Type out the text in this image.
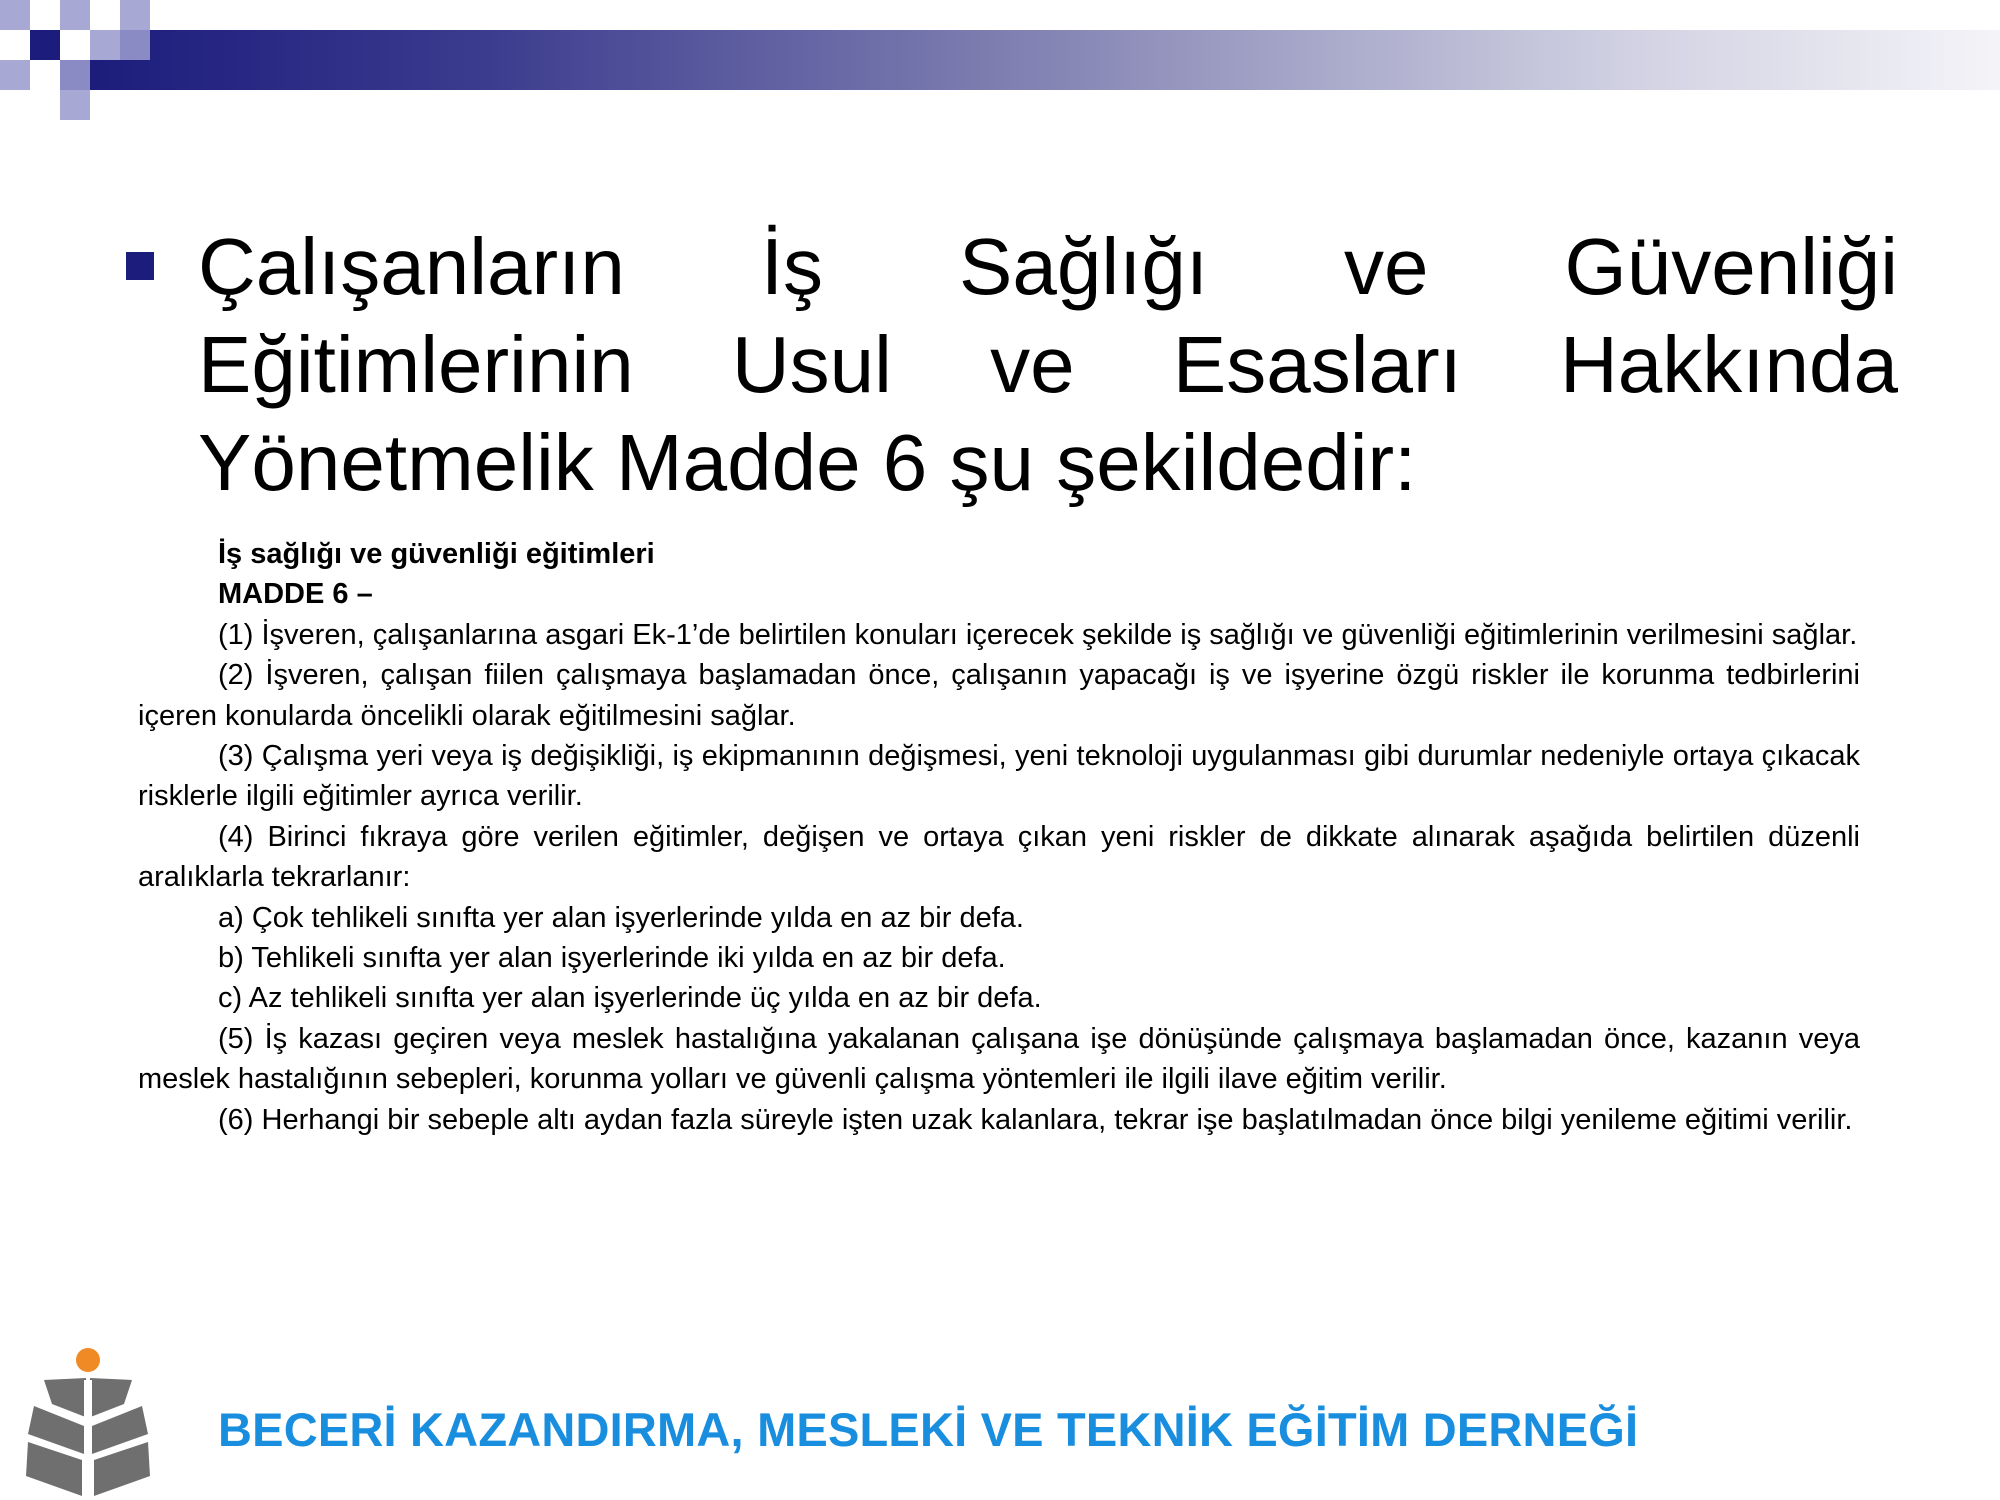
Çalışanların İş Sağlığı ve Güvenliği Eğitimlerinin Usul ve Esasları Hakkında Yönetmelik Madde 6 şu şekildedir:

İş sağlığı ve güvenliği eğitimleri

MADDE 6 –

(1) İşveren, çalışanlarına asgari Ek-1’de belirtilen konuları içerecek şekilde iş sağlığı ve güvenliği eğitimlerinin verilmesini sağlar.

(2) İşveren, çalışan fiilen çalışmaya başlamadan önce, çalışanın yapacağı iş ve işyerine özgü riskler ile korunma tedbirlerini içeren konularda öncelikli olarak eğitilmesini sağlar.

(3) Çalışma yeri veya iş değişikliği, iş ekipmanının değişmesi, yeni teknoloji uygulanması gibi durumlar nedeniyle ortaya çıkacak risklerle ilgili eğitimler ayrıca verilir.

(4) Birinci fıkraya göre verilen eğitimler, değişen ve ortaya çıkan yeni riskler de dikkate alınarak aşağıda belirtilen düzenli aralıklarla tekrarlanır:

a) Çok tehlikeli sınıfta yer alan işyerlerinde yılda en az bir defa.

b) Tehlikeli sınıfta yer alan işyerlerinde iki yılda en az bir defa.

c) Az tehlikeli sınıfta yer alan işyerlerinde üç yılda en az bir defa.

(5) İş kazası geçiren veya meslek hastalığına yakalanan çalışana işe dönüşünde çalışmaya başlamadan önce, kazanın veya meslek hastalığının sebepleri, korunma yolları ve güvenli çalışma yöntemleri ile ilgili ilave eğitim verilir.

(6) Herhangi bir sebeple altı aydan fazla süreyle işten uzak kalanlara, tekrar işe başlatılmadan önce bilgi yenileme eğitimi verilir.

BECERİ KAZANDIRMA, MESLEKİ VE TEKNİK EĞİTİM DERNEĞİ
